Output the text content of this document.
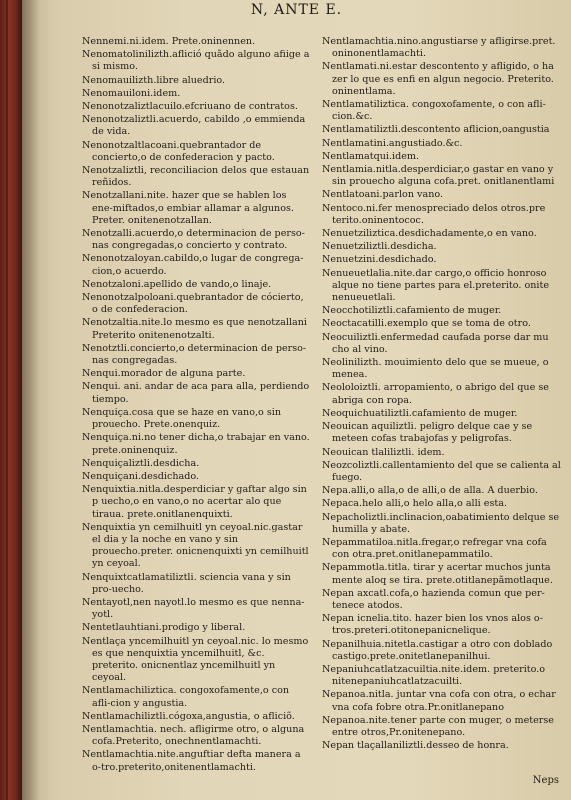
N, ANTE E.
Nennemi.ni.idem. Prete.oninennen.
Nenomatolinilizth.aflició quãdo alguno afiige a si mismo.
Nenomauilizth.libre aluedrio.
Nenomauiloni.idem.
Nenonotzaliztlacuilo.efcriuano de contratos.
Nenonotzaliztli.acuerdo, cabildo ,o emmienda de vida.
Nenonotzaltlacoani.quebrantador de concierto,o de confederacion y pacto.
Nenotzaliztli, reconciliacion delos que estauan reñidos.
Nenotzallani.nite. hazer que se hablen los ene-miftados,o embiar allamar a algunos. Preter. onitenenotzallan.
Nenotzalli.acuerdo,o determinacion de perso-nas congregadas,o concierto y contrato.
Nenonotzaloyan.cabildo,o lugar de congrega-cion,o acuerdo.
Nenotzaloni.apellido de vando,o linaje.
Nenonotzalpoloani.quebrantador de cócierto, o de confederacion.
Nenotzaltia.nite.lo mesmo es que nenotzallani Preterito onitenenotzalti.
Nenotztli.concierto,o determinacion de perso-nas congregadas.
Nenqui.morador de alguna parte.
Nenqui. ani. andar de aca para alla, perdiendo tiempo.
Nenquiça.cosa que se haze en vano,o sin prouecho. Prete.onenquiz.
Nenquiça.ni.no tener dicha,o trabajar en vano. prete.oninenquiz.
Nenquiçaliztli.desdicha.
Nenquiçani.desdichado.
Nenquixtia.nitla.desperdiciar y gaftar algo sin p uecho,o en vano,o no acertar alo que tiraua. prete.onitlanenquixti.
Nenquixtia yn cemilhuitl yn ceyoal.nic.gastar el dia y la noche en vano y sin prouecho.preter. onicnenquixti yn cemilhuitl yn ceyoal.
Nenquixtcatlamatiliztli. sciencia vana y sin pro-uecho.
Nentayotl,nen nayotl.lo mesmo es que nenna-yotl.
Nentetlauhtiani.prodigo y liberal.
Nentlaça yncemilhuitl yn ceyoal.nic. lo mesmo es que nenquixtia yncemilhuitl, &c. preterito. onicnentlaz yncemilhuitl yn ceyoal.
Nentlamachiliztica. congoxofamente,o con afli-cion y angustia.
Nentlamachiliztli.cógoxa,angustia, o afliciõ.
Nentlamachtia. nech. afligirme otro, o alguna cofa.Preterito, onechnentlamachti.
Nentlamachtia.nite.anguftiar defta manera a o-tro.preterito,onitenentlamachti.
Nentlamachtia.nino.angustiarse y afligirse.pret. oninonentlamachti.
Nentlamati.ni.estar descontento y afligido, o ha zer lo que es enfi en algun negocio. Preterito. oninentlama.
Nentlamatiliztica. congoxofamente, o con afli-cion.&c.
Nentlamatiliztli.descontento aflicion,oangustia
Nentlamatini.angustiado.&c.
Nentlamatqui.idem.
Nentlamia.nitla.desperdiciar,o gastar en vano y sin prouecho alguna cofa.pret. onitlanentlami
Nentlatoani.parlon vano.
Nentoco.ni.fer menospreciado delos otros.pre terito.oninentococ.
Nenuetziliztica.desdichadamente,o en vano.
Nenuetziliztli.desdicha.
Nenuetzini.desdichado.
Nenueuetlalia.nite.dar cargo,o officio honroso alque no tiene partes para el.preterito. onite nenueuetlali.
Neocchotiliztli.cafamiento de muger.
Neoctacatilli.exemplo que se toma de otro.
Neocuiliztli.enfermedad caufada porse dar mu cho al vino.
Neolinilizth. mouimiento delo que se mueue, o menea.
Neololoiztli. arropamiento, o abrigo del que se abriga con ropa.
Neoquichuatiliztli.cafamiento de muger.
Neouican aquiliztli. peligro delque cae y se meteen cofas trabajofas y peligrofas.
Neouican tlaliliztli. idem.
Neozcoliztli.callentamiento del que se calienta al fuego.
Nepa.alli,o alla,o de alli,o de alla. A duerbio.
Nepaca.helo alli,o helo alla,o alli esta.
Nepacholiztli.inclinacion,oabatimiento delque se humilla y abate.
Nepammatiloa.nitla.fregar,o refregar vna cofa con otra.pret.onitlanepammatilo.
Nepammotla.titla. tirar y acertar muchos junta mente aloq se tira. prete.otitlanepãmotlaque.
Nepan axcatl.cofa,o hazienda comun que per-tenece atodos.
Nepan icnelia.tito. hazer bien los vnos alos o-tros.preteri.otitonepanicnelique.
Nepanilhuia.nitetla.castigar a otro con doblado castigo.prete.onitetlanepanilhui.
Nepaniuhcatlatzacuiltia.nite.idem. preterito.o nitenepaniuhcatlatzacuilti.
Nepanoa.nitla. juntar vna cofa con otra, o echar vna cofa fobre otra.Pr.onitlanepano
Nepanoa.nite.tener parte con muger, o meterse entre otros,Pr.onitenepano.
Nepan tlaçallaniliztli.desseo de honra.
Neps
